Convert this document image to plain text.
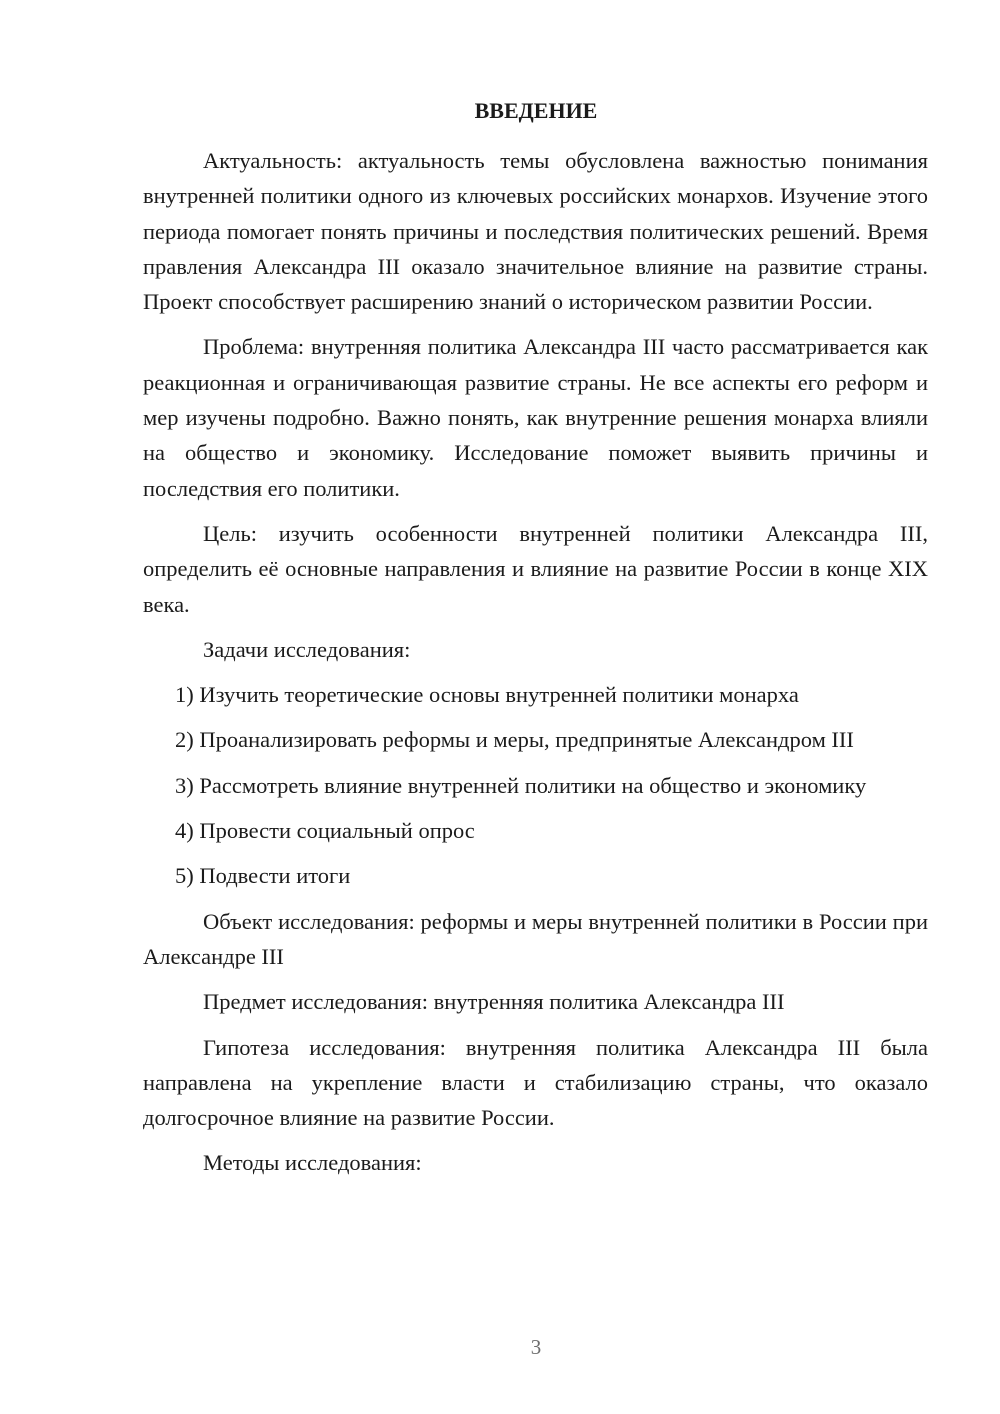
ВВЕДЕНИЕ

Актуальность: актуальность темы обусловлена важностью понимания внутренней политики одного из ключевых российских монархов. Изучение этого периода помогает понять причины и последствия политических решений. Время правления Александра III оказало значительное влияние на развитие страны. Проект способствует расширению знаний о историческом развитии России.

Проблема: внутренняя политика Александра III часто рассматривается как реакционная и ограничивающая развитие страны. Не все аспекты его реформ и мер изучены подробно. Важно понять, как внутренние решения монарха влияли на общество и экономику. Исследование поможет выявить причины и последствия его политики.

Цель: изучить особенности внутренней политики Александра III, определить её основные направления и влияние на развитие России в конце XIX века.

Задачи исследования:

1) Изучить теоретические основы внутренней политики монарха

2) Проанализировать реформы и меры, предпринятые Александром III

3) Рассмотреть влияние внутренней политики на общество и экономику

4) Провести социальный опрос

5) Подвести итоги

Объект исследования: реформы и меры внутренней политики в России при Александре III

Предмет исследования: внутренняя политика Александра III

Гипотеза исследования: внутренняя политика Александра III была направлена на укрепление власти и стабилизацию страны, что оказало долгосрочное влияние на развитие России.

Методы исследования:

3
